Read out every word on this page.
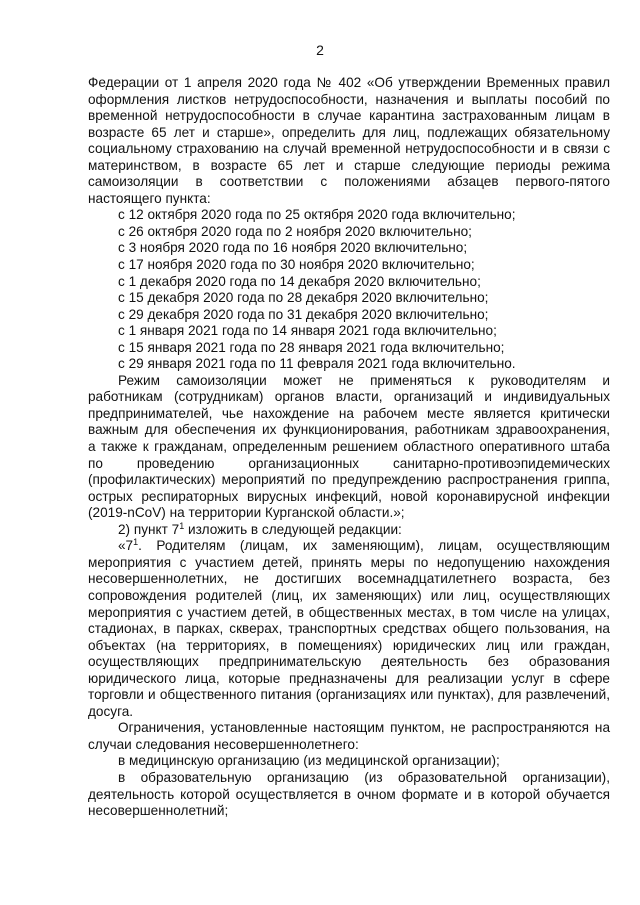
2
Федерации от 1 апреля 2020 года № 402 «Об утверждении Временных правил
оформления листков нетрудоспособности, назначения и выплаты пособий по
временной нетрудоспособности в случае карантина застрахованным лицам в
возрасте 65 лет и старше», определить для лиц, подлежащих обязательному
социальному страхованию на случай временной нетрудоспособности и в связи с
материнством, в возрасте 65 лет и старше следующие периоды режима
самоизоляции в соответствии с положениями абзацев первого-пятого
настоящего пункта:
с 12 октября 2020 года по 25 октября 2020 года включительно;
с 26 октября 2020 года по 2 ноября 2020 включительно;
с 3 ноября 2020 года по 16 ноября 2020 включительно;
с 17 ноября 2020 года по 30 ноября 2020 включительно;
с 1 декабря 2020 года по 14 декабря 2020 включительно;
с 15 декабря 2020 года по 28 декабря 2020 включительно;
с 29 декабря 2020 года по 31 декабря 2020 включительно;
с 1 января 2021 года по 14 января 2021 года включительно;
с 15 января 2021 года по 28 января 2021 года включительно;
с 29 января 2021 года по 11 февраля 2021 года включительно.
Режим самоизоляции может не применяться к руководителям и
работникам (сотрудникам) органов власти, организаций и индивидуальных
предпринимателей, чье нахождение на рабочем месте является критически
важным для обеспечения их функционирования, работникам здравоохранения,
а также к гражданам, определенным решением областного оперативного штаба
по проведению организационных санитарно-противоэпидемических
(профилактических) мероприятий по предупреждению распространения гриппа,
острых респираторных вирусных инфекций, новой коронавирусной инфекции
(2019-nCoV) на территории Курганской области.»;
2) пункт $7^1$ изложить в следующей редакции:
«$7^1$. Родителям (лицам, их заменяющим), лицам, осуществляющим
мероприятия с участием детей, принять меры по недопущению нахождения
несовершеннолетних, не достигших восемнадцатилетнего возраста, без
сопровождения родителей (лиц, их заменяющих) или лиц, осуществляющих
мероприятия с участием детей, в общественных местах, в том числе на улицах,
стадионах, в парках, скверах, транспортных средствах общего пользования, на
объектах (на территориях, в помещениях) юридических лиц или граждан,
осуществляющих предпринимательскую деятельность без образования
юридического лица, которые предназначены для реализации услуг в сфере
торговли и общественного питания (организациях или пунктах), для развлечений,
досуга.
Ограничения, установленные настоящим пунктом, не распространяются на
случаи следования несовершеннолетнего:
в медицинскую организацию (из медицинской организации);
в образовательную организацию (из образовательной организации),
деятельность которой осуществляется в очном формате и в которой обучается
несовершеннолетний;
